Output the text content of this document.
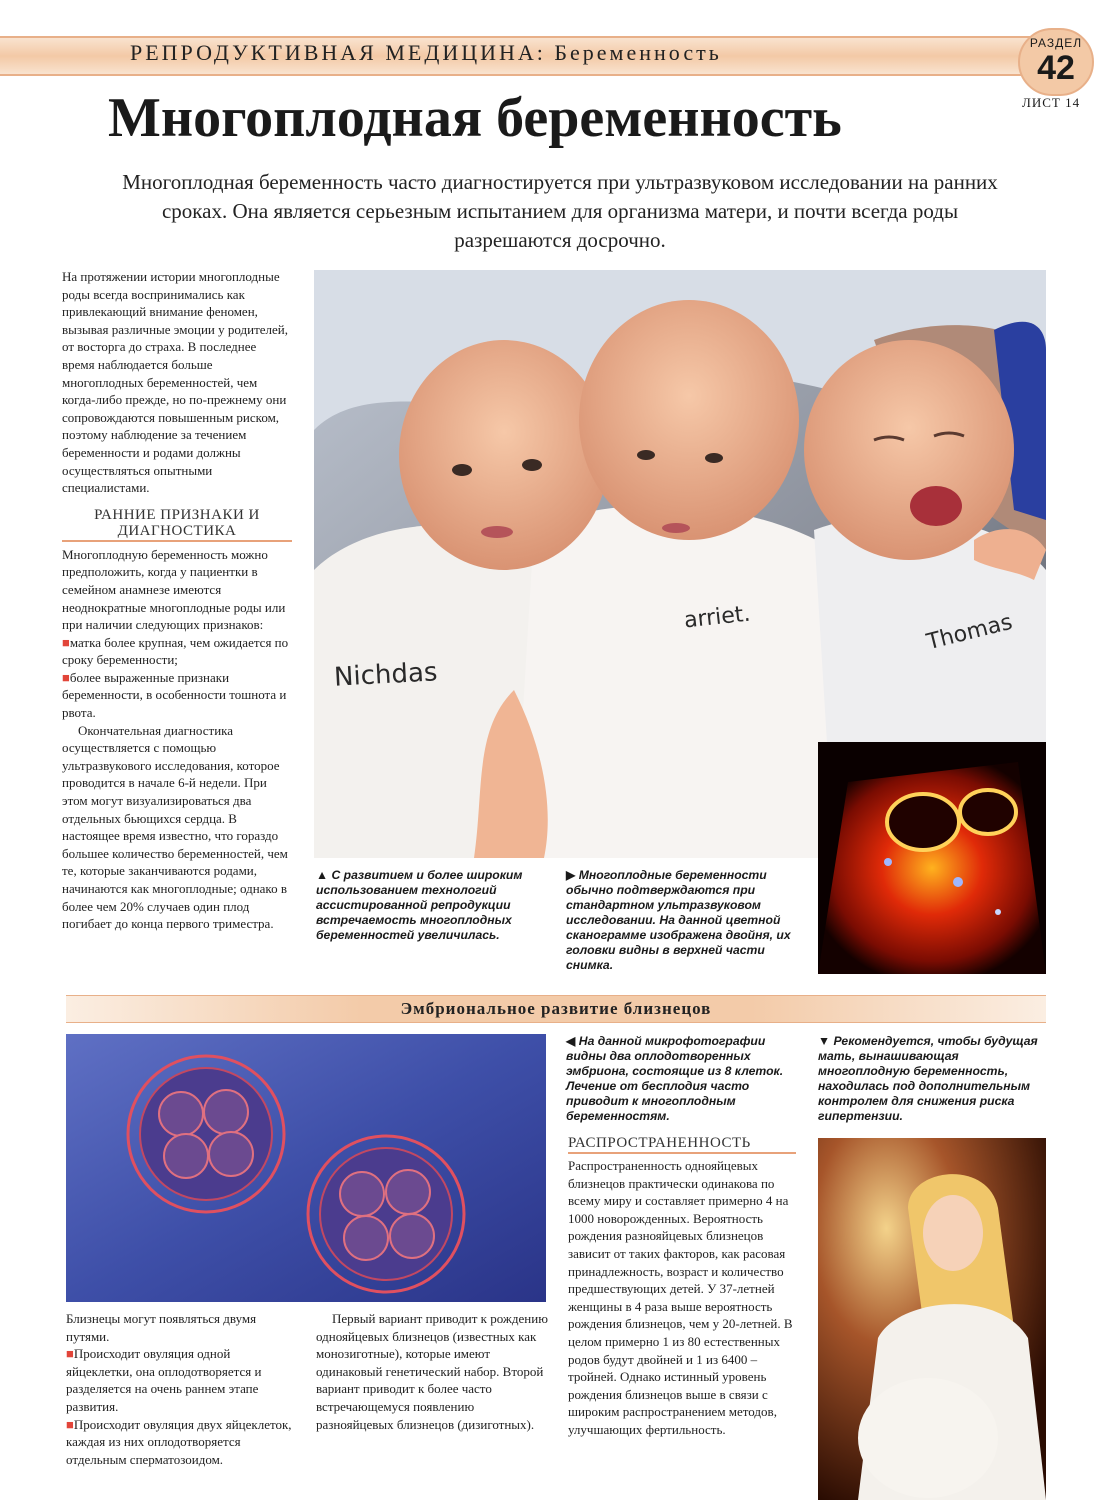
РЕПРОДУКТИВНАЯ МЕДИЦИНА: Беременность	РАЗДЕЛ
42
ЛИСТ 14
Многоплодная беременность
Многоплодная беременность часто диагностируется при ультразвуковом исследовании на ранних сроках. Она является серьезным испытанием для организма матери, и почти всегда роды разрешаются досрочно.

На протяжении истории многоплодные роды всегда воспринимались как привлекающий внимание феномен, вызывая различные эмоции у родителей, от восторга до страха. В последнее время наблюдается больше многоплодных беременностей, чем когда-либо прежде, но по-прежнему они сопровождаются повышенным риском, поэтому наблюдение за течением беременности и родами должны осуществляться опытными специалистами.

РАННИЕ ПРИЗНАКИ И ДИАГНОСТИКА

Многоплодную беременность можно предположить, когда у пациентки в семейном анамнезе имеются неоднократные многоплодные роды или при наличии следующих признаков:

■матка более крупная, чем ожидается по сроку беременности;

■более выраженные признаки беременности, в особенности тошнота и рвота.

Окончательная диагностика осуществляется с помощью ультразвукового исследования, которое проводится в начале 6-й недели. При этом могут визуализироваться два отдельных бьющихся сердца. В настоящее время известно, что гораздо большее количество беременностей, чем те, которые заканчиваются родами, начинаются как многоплодные; однако в более чем 20% случаев один плод погибает до конца первого триместра.

Nichdas
arriet.	Thomas
▲ С развитием и более широким использованием технологий ассистированной репродукции встречаемость многоплодных беременностей увеличилась.
▶ Многоплодные беременности обычно подтверждаются при стандартном ультразвуковом исследовании. На данной цветной сканограмме изображена двойня, их головки видны в верхней части снимка.
Эмбриональное развитие близнецов
◀ На данной микрофотографии видны два оплодотворенных эмбриона, состоящие из 8 клеток. Лечение от бесплодия часто приводит к многоплодным беременностям.
▼ Рекомендуется, чтобы будущая мать, вынашивающая многоплодную беременность, находилась под дополнительным контролем для снижения риска гипертензии.
РАСПРОСТРАНЕННОСТЬ

Распространенность однояйцевых близнецов практически одинакова по всему миру и составляет примерно 4 на 1000 новорожденных. Вероятность рождения разнояйцевых близнецов зависит от таких факторов, как расовая принадлежность, возраст и количество предшествующих детей. У 37-летней женщины в 4 раза выше вероятность рождения близнецов, чем у 20-летней. В целом примерно 1 из 80 естественных родов будут двойней и 1 из 6400 – тройней. Однако истинный уровень рождения близнецов выше в связи с широким распространением методов, улучшающих фертильность.

Близнецы могут появляться двумя путями.

■Происходит овуляция одной яйцеклетки, она оплодотворяется и разделяется на очень раннем этапе развития.

■Происходит овуляция двух яйцеклеток, каждая из них оплодотворяется отдельным сперматозоидом.

Первый вариант приводит к рождению однояйцевых близнецов (известных как монозиготные), которые имеют одинаковый генетический набор. Второй вариант приводит к более часто встречающемуся появлению разнояйцевых близнецов (дизиготных).
